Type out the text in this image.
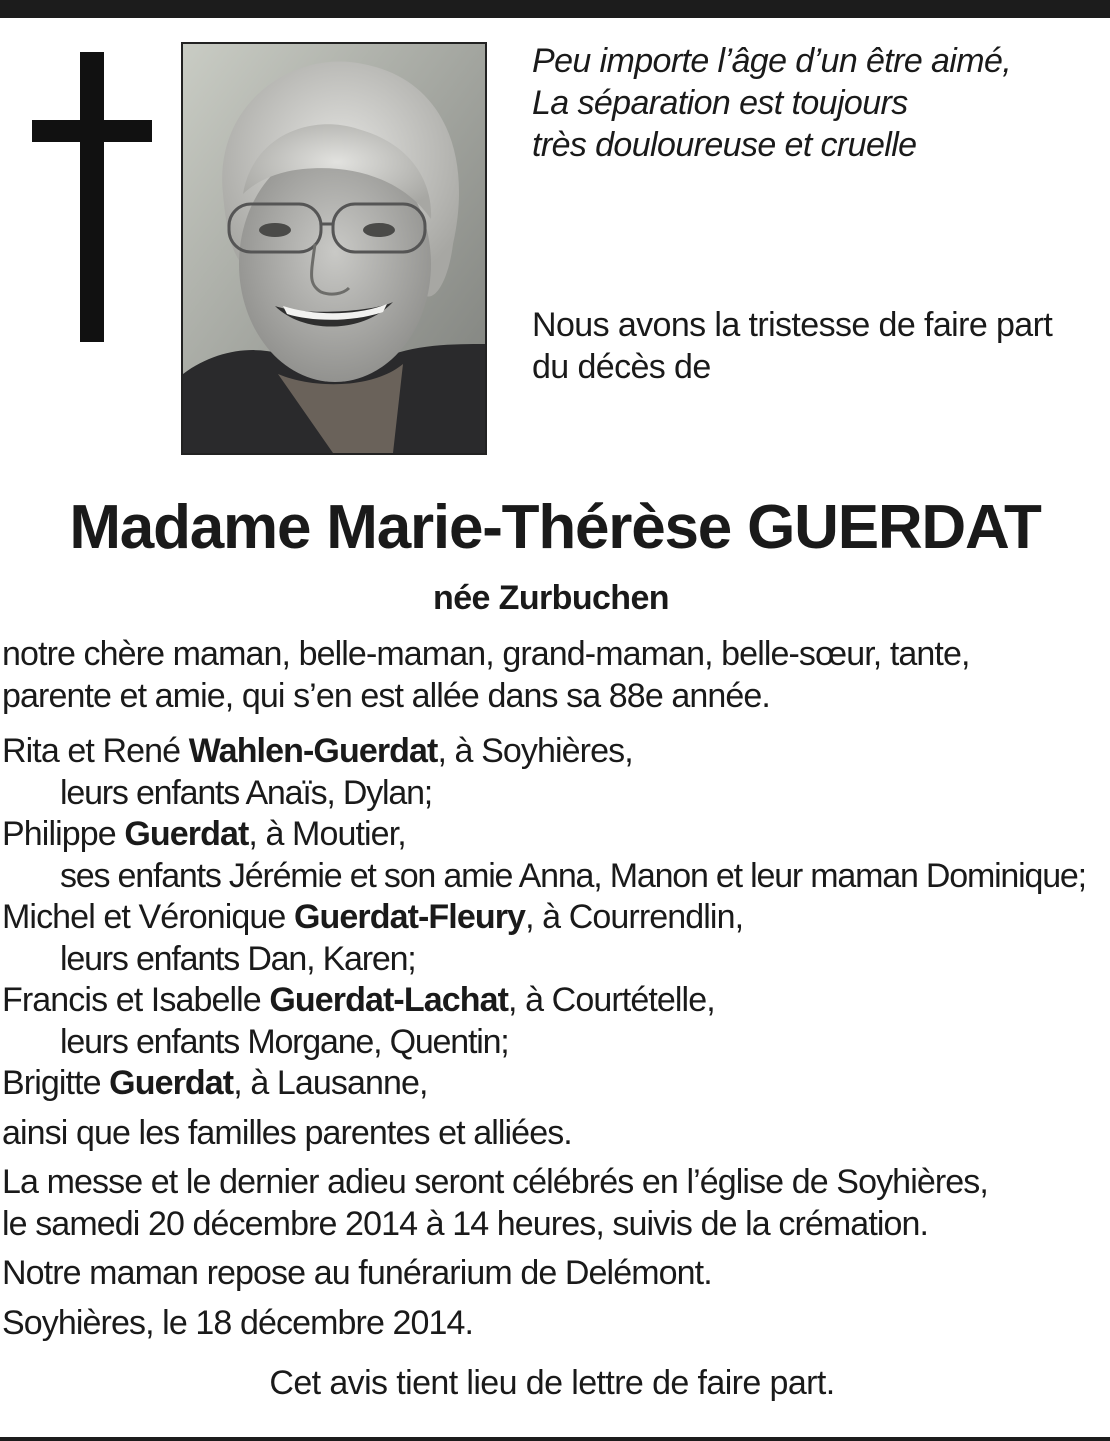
Peu importe l’âge d’un être aimé,
La séparation est toujours
très douloureuse et cruelle
Nous avons la tristesse de faire part
du décès de
Madame Marie-Thérèse GUERDAT
née Zurbuchen
notre chère maman, belle-maman, grand-maman, belle-sœur, tante,
parente et amie, qui s’en est allée dans sa 88e année.
Rita et René Wahlen-Guerdat, à Soyhières,
leurs enfants Anaïs, Dylan;
Philippe Guerdat, à Moutier,
ses enfants Jérémie et son amie Anna, Manon et leur maman Dominique;
Michel et Véronique Guerdat-Fleury, à Courrendlin,
leurs enfants Dan, Karen;
Francis et Isabelle Guerdat-Lachat, à Courtételle,
leurs enfants Morgane, Quentin;
Brigitte Guerdat, à Lausanne,
ainsi que les familles parentes et alliées.
La messe et le dernier adieu seront célébrés en l’église de Soyhières,
le samedi 20 décembre 2014 à 14 heures, suivis de la crémation.
Notre maman repose au funérarium de Delémont.
Soyhières, le 18 décembre 2014.
Cet avis tient lieu de lettre de faire part.
